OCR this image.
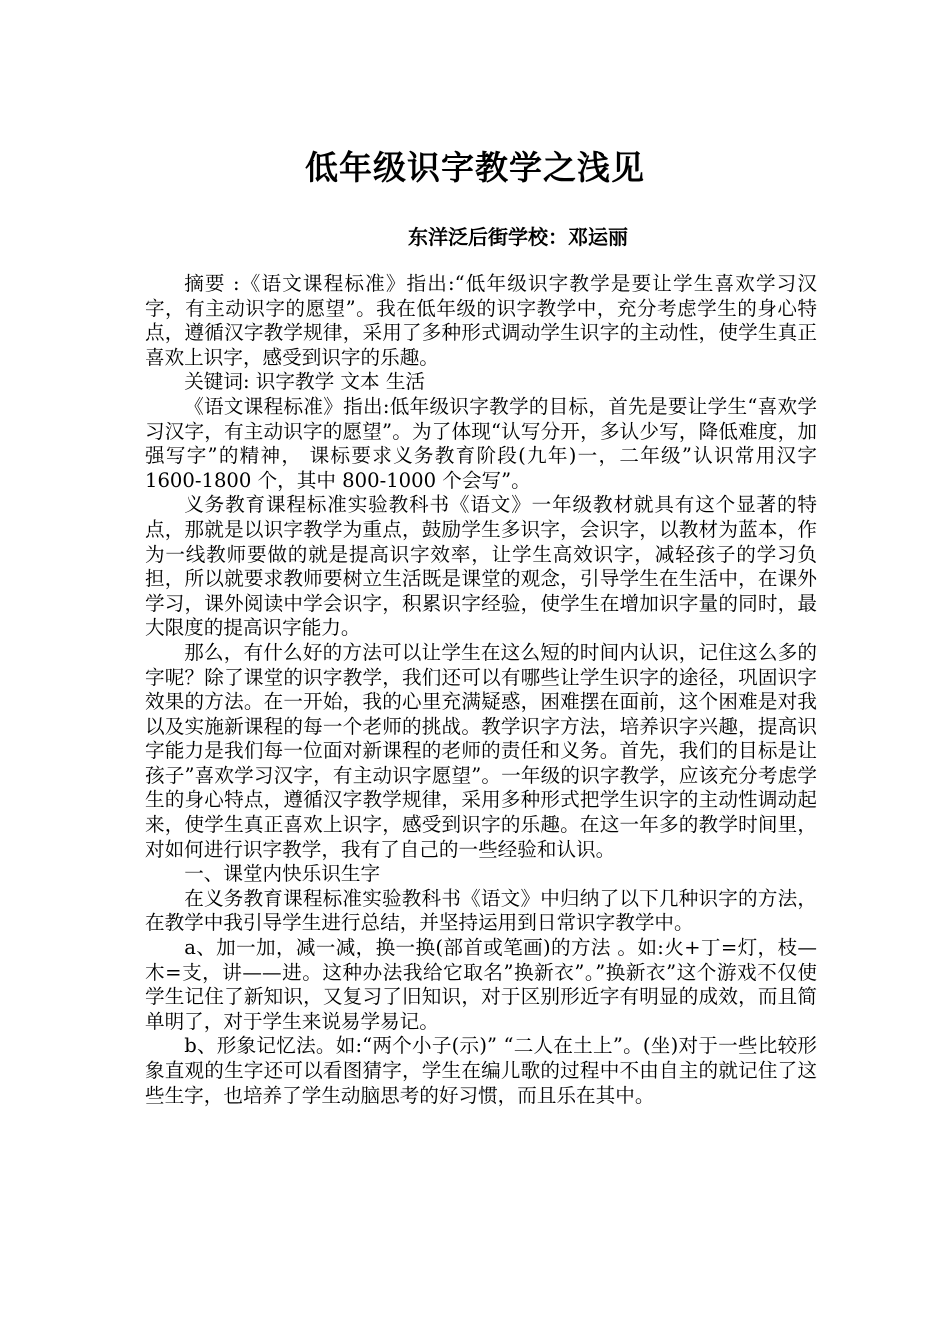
低年级识字教学之浅见
东洋泛后街学校：邓运丽

摘要 :《语文课程标准》指出:“低年级识字教学是要让学生喜欢学习汉字，有主动识字的愿望”。我在低年级的识字教学中，充分考虑学生的身心特点，遵循汉字教学规律，采用了多种形式调动学生识字的主动性，使学生真正喜欢上识字，感受到识字的乐趣。

关键词: 识字教学 文本 生活

《语文课程标准》指出:低年级识字教学的目标，首先是要让学生“喜欢学习汉字，有主动识字的愿望”。为了体现“认写分开，多认少写，降低难度，加强写字”的精神， 课标要求义务教育阶段(九年)一，二年级”认识常用汉字 1600-1800 个，其中 800-1000 个会写”。

义务教育课程标准实验教科书《语文》一年级教材就具有这个显著的特点，那就是以识字教学为重点，鼓励学生多识字，会识字，以教材为蓝本，作为一线教师要做的就是提高识字效率，让学生高效识字，减轻孩子的学习负担，所以就要求教师要树立生活既是课堂的观念，引导学生在生活中，在课外学习，课外阅读中学会识字，积累识字经验，使学生在增加识字量的同时，最大限度的提高识字能力。

那么，有什么好的方法可以让学生在这么短的时间内认识，记住这么多的字呢？除了课堂的识字教学，我们还可以有哪些让学生识字的途径，巩固识字效果的方法。在一开始，我的心里充满疑惑，困难摆在面前，这个困难是对我以及实施新课程的每一个老师的挑战。教学识字方法，培养识字兴趣，提高识字能力是我们每一位面对新课程的老师的责任和义务。首先，我们的目标是让孩子”喜欢学习汉字，有主动识字愿望”。一年级的识字教学，应该充分考虑学生的身心特点，遵循汉字教学规律，采用多种形式把学生识字的主动性调动起来，使学生真正喜欢上识字，感受到识字的乐趣。在这一年多的教学时间里，对如何进行识字教学，我有了自己的一些经验和认识。

一、课堂内快乐识生字

在义务教育课程标准实验教科书《语文》中归纳了以下几种识字的方法，在教学中我引导学生进行总结，并坚持运用到日常识字教学中。

a、加一加，减一减，换一换(部首或笔画)的方法 。如:火+丁=灯，枝—木=支，讲——进。这种办法我给它取名”换新衣”。”换新衣”这个游戏不仅使学生记住了新知识，又复习了旧知识，对于区别形近字有明显的成效，而且简单明了，对于学生来说易学易记。

b、形象记忆法。如:“两个小子(示)” “二人在土上”。(坐)对于一些比较形象直观的生字还可以看图猜字，学生在编儿歌的过程中不由自主的就记住了这些生字，也培养了学生动脑思考的好习惯，而且乐在其中。
